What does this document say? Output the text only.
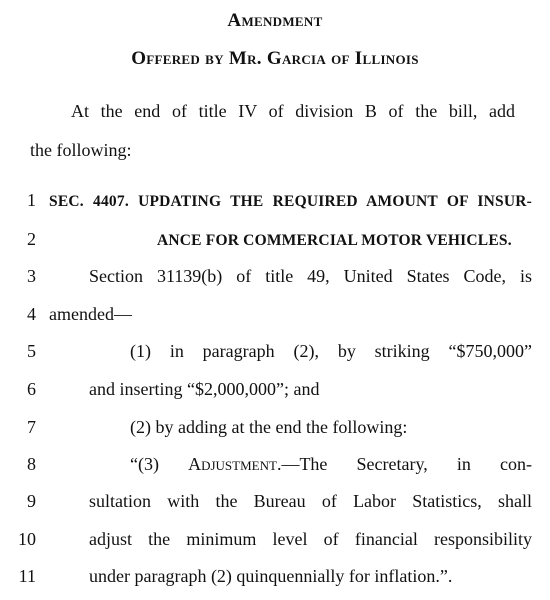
Amendment
Offered by Mr. Garcia of Illinois
At the end of title IV of division B of the bill, add
the following:
1 SEC. 4407. UPDATING THE REQUIRED AMOUNT OF INSUR-
2	ANCE FOR COMMERCIAL MOTOR VEHICLES.
3	Section 31139(b) of title 49, United States Code, is
4 amended—
5	(1) in paragraph (2), by striking “$750,000”
6	and inserting “$2,000,000”; and
7	(2) by adding at the end the following:
8	“(3) Adjustment.—The Secretary, in con-
9	sultation with the Bureau of Labor Statistics, shall
10	adjust the minimum level of financial responsibility
11	under paragraph (2) quinquennially for inflation.”.
